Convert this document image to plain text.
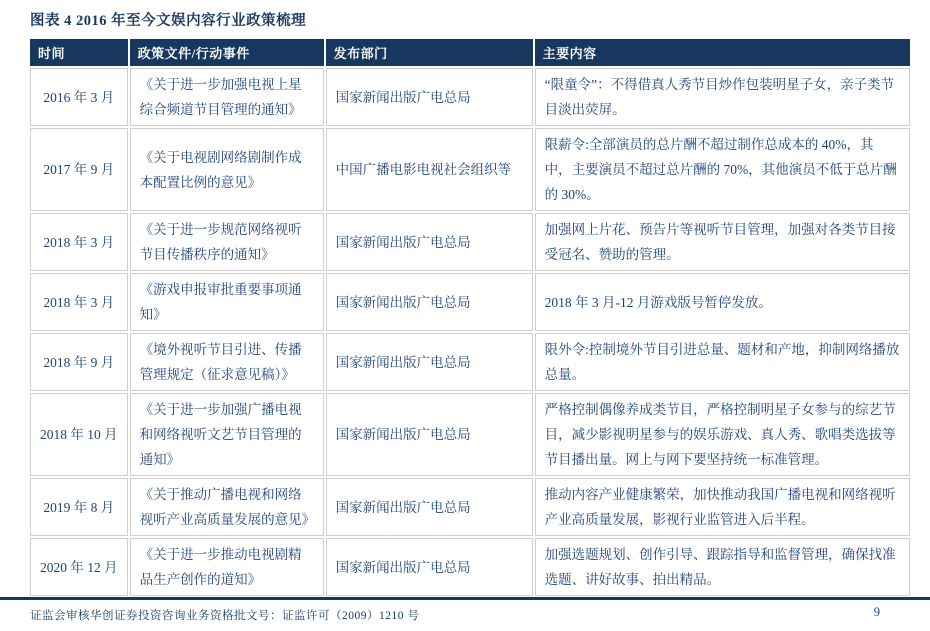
图表 4 2016 年至今文娱内容行业政策梳理
时间	政策文件/行动事件	发布部门	主要内容
2016 年 3 月	《关于进一步加强电视上星综合频道节目管理的通知》	国家新闻出版广电总局	“限童令”：不得借真人秀节目炒作包装明星子女，亲子类节目淡出荧屏。
2017 年 9 月	《关于电视剧网络剧制作成本配置比例的意见》	中国广播电影电视社会组织等	限薪令:全部演员的总片酬不超过制作总成本的 40%，其中，主要演员不超过总片酬的 70%，其他演员不低于总片酬的 30%。
2018 年 3 月	《关于进一步规范网络视听节目传播秩序的通知》	国家新闻出版广电总局	加强网上片花、预告片等视听节目管理，加强对各类节目接受冠名、赞助的管理。
2018 年 3 月	《游戏申报审批重要事项通知》	国家新闻出版广电总局	2018 年 3 月-12 月游戏版号暂停发放。
2018 年 9 月	《境外视听节目引进、传播管理规定（征求意见稿）》	国家新闻出版广电总局	限外令:控制境外节目引进总量、题材和产地，抑制网络播放总量。
2018 年 10 月	《关于进一步加强广播电视和网络视听文艺节目管理的通知》	国家新闻出版广电总局	严格控制偶像养成类节目，严格控制明星子女参与的综艺节目，减少影视明星参与的娱乐游戏、真人秀、歌唱类选拔等节目播出量。网上与网下要坚持统一标准管理。
2019 年 8 月	《关于推动广播电视和网络视听产业高质量发展的意见》	国家新闻出版广电总局	推动内容产业健康繁荣，加快推动我国广播电视和网络视听产业高质量发展，影视行业监管进入后半程。
2020 年 12 月	《关于进一步推动电视剧精品生产创作的道知》	国家新闻出版广电总局	加强选题规划、创作引导、跟踪指导和监督管理，确保找准选题、讲好故事、拍出精品。
证监会审核华创证券投资咨询业务资格批文号：证监许可（2009）1210 号	9
